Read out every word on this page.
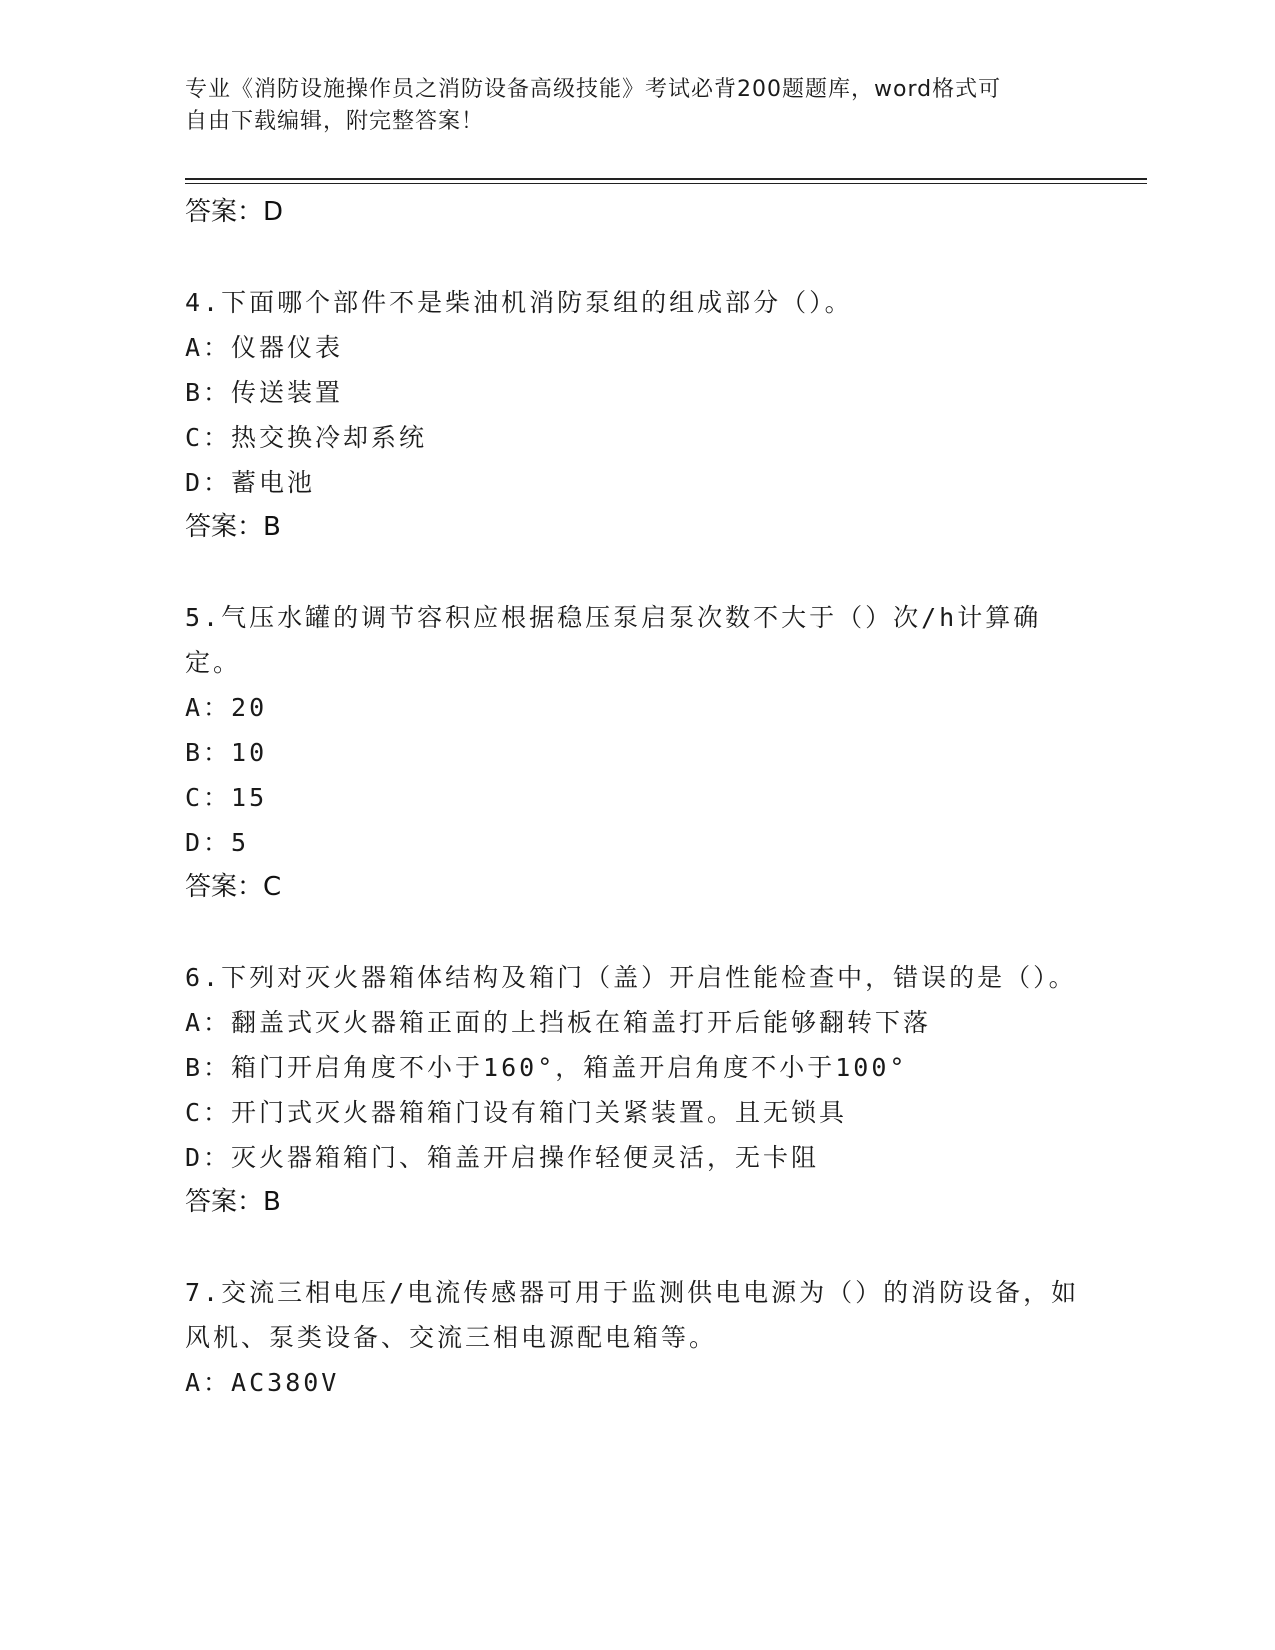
专业《消防设施操作员之消防设备高级技能》考试必背200题题库，word格式可
自由下载编辑，附完整答案！
答案：D
4.下面哪个部件不是柴油机消防泵组的组成部分（）。
A：仪器仪表
B：传送装置
C：热交换冷却系统
D：蓄电池
答案：B
5.气压水罐的调节容积应根据稳压泵启泵次数不大于（）次/h计算确定。
A：20
B：10
C：15
D：5
答案：C
6.下列对灭火器箱体结构及箱门（盖）开启性能检查中，错误的是（）。
A：翻盖式灭火器箱正面的上挡板在箱盖打开后能够翻转下落
B：箱门开启角度不小于160°，箱盖开启角度不小于100°
C：开门式灭火器箱箱门设有箱门关紧装置。且无锁具
D：灭火器箱箱门、箱盖开启操作轻便灵活，无卡阻
答案：B
7.交流三相电压/电流传感器可用于监测供电电源为（）的消防设备，如风机、泵类设备、交流三相电源配电箱等。
A：AC380V
